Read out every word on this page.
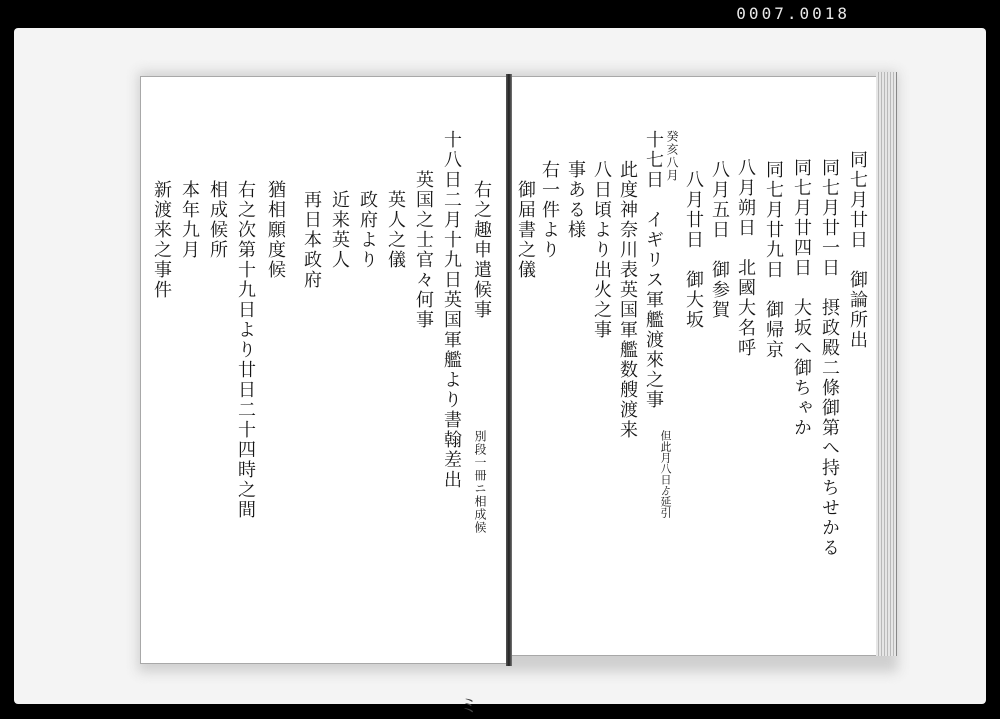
0007.0018
同七月廿日　御論所出
同七月廿一日　摂政殿二條御第へ持ちせかる
同七月廿四日　大坂へ御ちゃか
同七月廿九日　御帰京
八月朔日　北國大名呼
八月五日　御参賀
八月廿日　御大坂
癸亥八月
十七日　イギリス軍艦渡來之事
此度神奈川表英国軍艦数艘渡来
八日頃より出火之事
事ある様
右一件より
御届書之儀
但此月八日ゟ延引
右之趣申遣候事
十八日二月十九日英国軍艦より書翰差出
英国之士官々何事
英人之儀
政府より
近来英人
再日本政府
猶相願度候
右之次第十九日より廿日二十四時之間
相成候所
本年九月
新渡来之事件
別段一冊ニ相成候
ミ
